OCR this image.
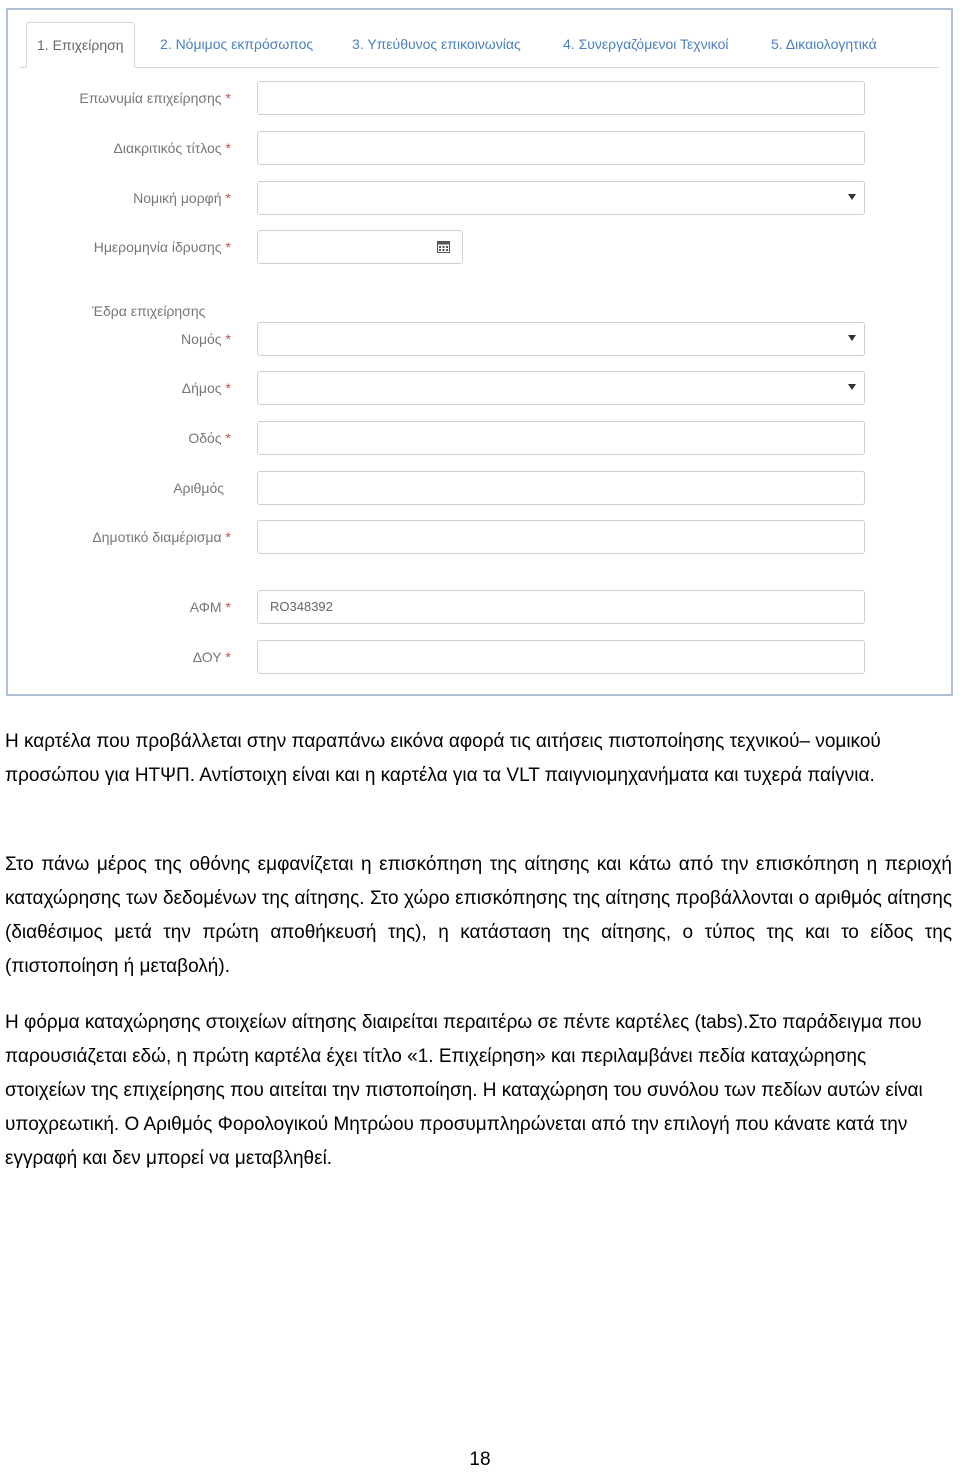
1. Επιχείρηση	2. Νόμιμος εκπρόσωπος	3. Υπεύθυνος επικοινωνίας	4. Συνεργαζόμενοι Τεχνικοί	5. Δικαιολογητικά
Επωνυμία επιχείρησης *
Διακριτικός τίτλος *
Νομική μορφή *
Ημερομηνία ίδρυσης *
Έδρα επιχείρησης
Νομός *
Δήμος *
Οδός *
Αριθμός
Δημοτικό διαμέρισμα *
ΑΦΜ *	RO348392
ΔΟΥ *

Η καρτέλα που προβάλλεται στην παραπάνω εικόνα αφορά τις αιτήσεις πιστοποίησης τεχνικού– νομικού προσώπου για ΗΤΨΠ. Αντίστοιχη είναι και η καρτέλα για τα VLT παιγνιομηχανήματα και τυχερά παίγνια.

Στο πάνω μέρος της οθόνης εμφανίζεται η επισκόπηση της αίτησης και κάτω από την επισκόπηση η περιοχή καταχώρησης των δεδομένων της αίτησης. Στο χώρο επισκόπησης της αίτησης προβάλλονται ο αριθμός αίτησης (διαθέσιμος μετά την πρώτη αποθήκευσή της), η κατάσταση της αίτησης, ο τύπος της και το είδος της (πιστοποίηση ή μεταβολή).

Η φόρμα καταχώρησης στοιχείων αίτησης διαιρείται περαιτέρω σε πέντε καρτέλες (tabs).Στο παράδειγμα που παρουσιάζεται εδώ, η πρώτη καρτέλα έχει τίτλο «1. Επιχείρηση» και περιλαμβάνει πεδία καταχώρησης στοιχείων της επιχείρησης που αιτείται την πιστοποίηση. Η καταχώρηση του συνόλου των πεδίων αυτών είναι υποχρεωτική. Ο Αριθμός Φορολογικού Μητρώου προσυμπληρώνεται από την επιλογή που κάνατε κατά την εγγραφή και δεν μπορεί να μεταβληθεί.

18
